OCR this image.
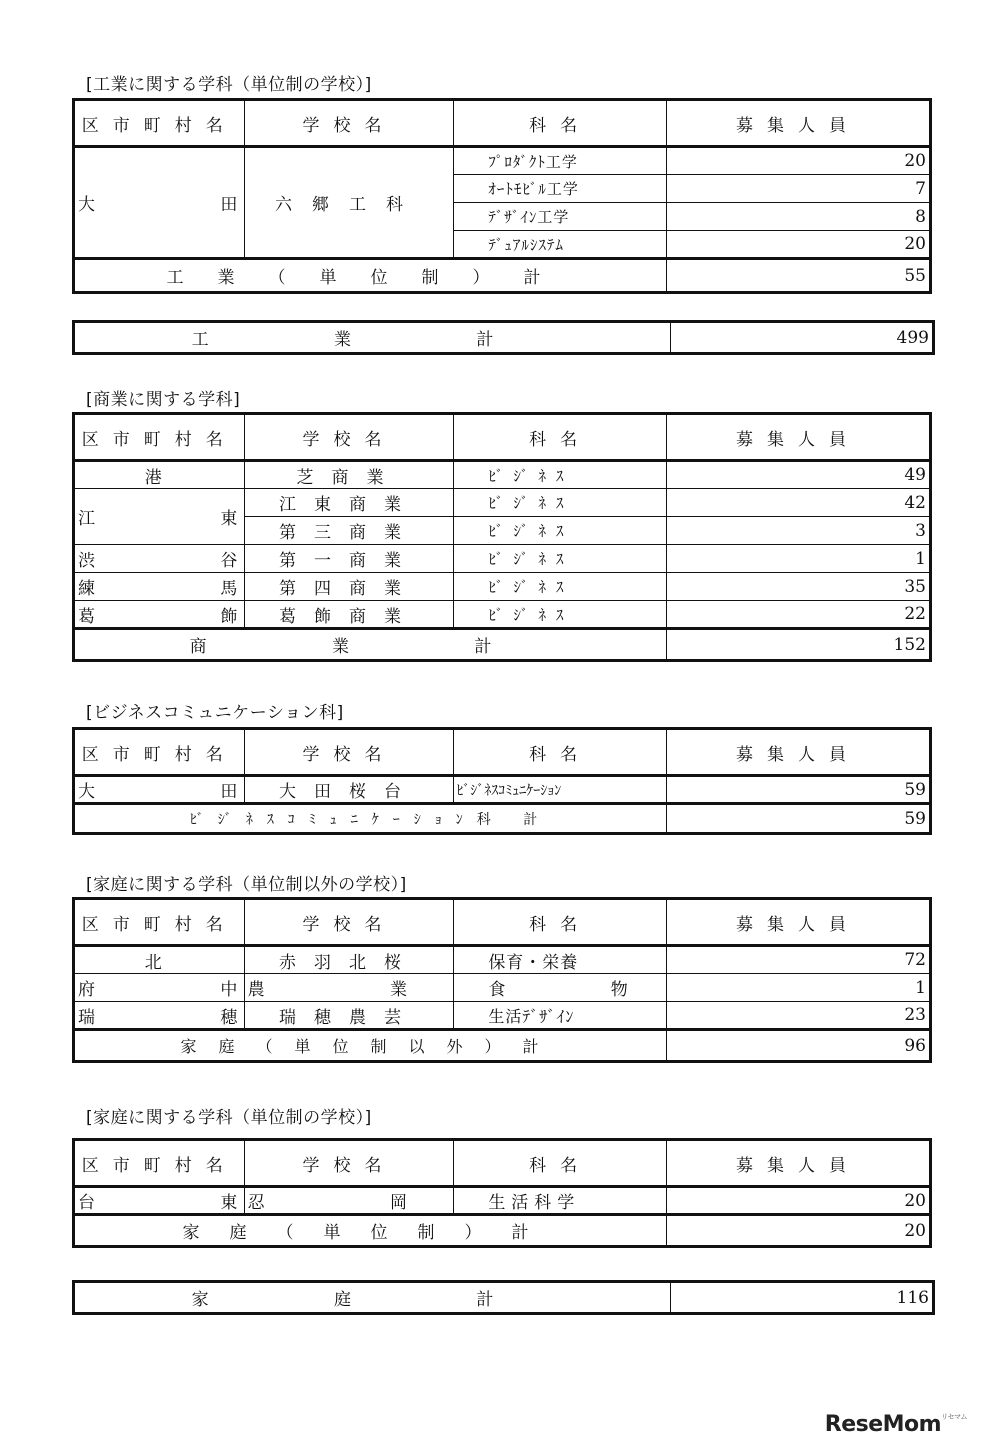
[工業に関する学科（単位制の学校）]
区市町村名	学校名	科名	募集人員
大 田	六郷工科	ﾌﾟﾛﾀﾞｸﾄ工学	20
		ｵｰﾄﾓﾋﾞﾙ工学	7
		ﾃﾞｻﾞｲﾝ工学	8
		ﾃﾞｭｱﾙｼｽﾃﾑ	20
工業（単位制）計			55
工 業 計	499
[商業に関する学科]
区市町村名	学校名	科名	募集人員
港	芝商業	ﾋﾞｼﾞﾈｽ	49
江 東	江東商業	ﾋﾞｼﾞﾈｽ	42
	第三商業	ﾋﾞｼﾞﾈｽ	3
渋 谷	第一商業	ﾋﾞｼﾞﾈｽ	1
練 馬	第四商業	ﾋﾞｼﾞﾈｽ	35
葛 飾	葛飾商業	ﾋﾞｼﾞﾈｽ	22
商 業 計			152
[ビジネスコミュニケーション科]
区市町村名	学校名	科名	募集人員
大 田	大田桜台	ﾋﾞｼﾞﾈｽｺﾐｭﾆｹｰｼｮﾝ	59
ﾋﾞｼﾞﾈｽｺﾐｭﾆｹｰｼｮﾝ科 計			59
[家庭に関する学科（単位制以外の学校）]
区市町村名	学校名	科名	募集人員
北	赤羽北桜	保育・栄養	72
府 中	農 業	食 物	1
瑞 穂	瑞穂農芸	生活ﾃﾞｻﾞｲﾝ	23
家庭（単位制以外）計			96
[家庭に関する学科（単位制の学校）]
区市町村名	学校名	科名	募集人員
台 東	忍 岡	生活科学	20
家庭（単位制）計			20
家 庭 計	116
ReseMom$^{リセマム}$
